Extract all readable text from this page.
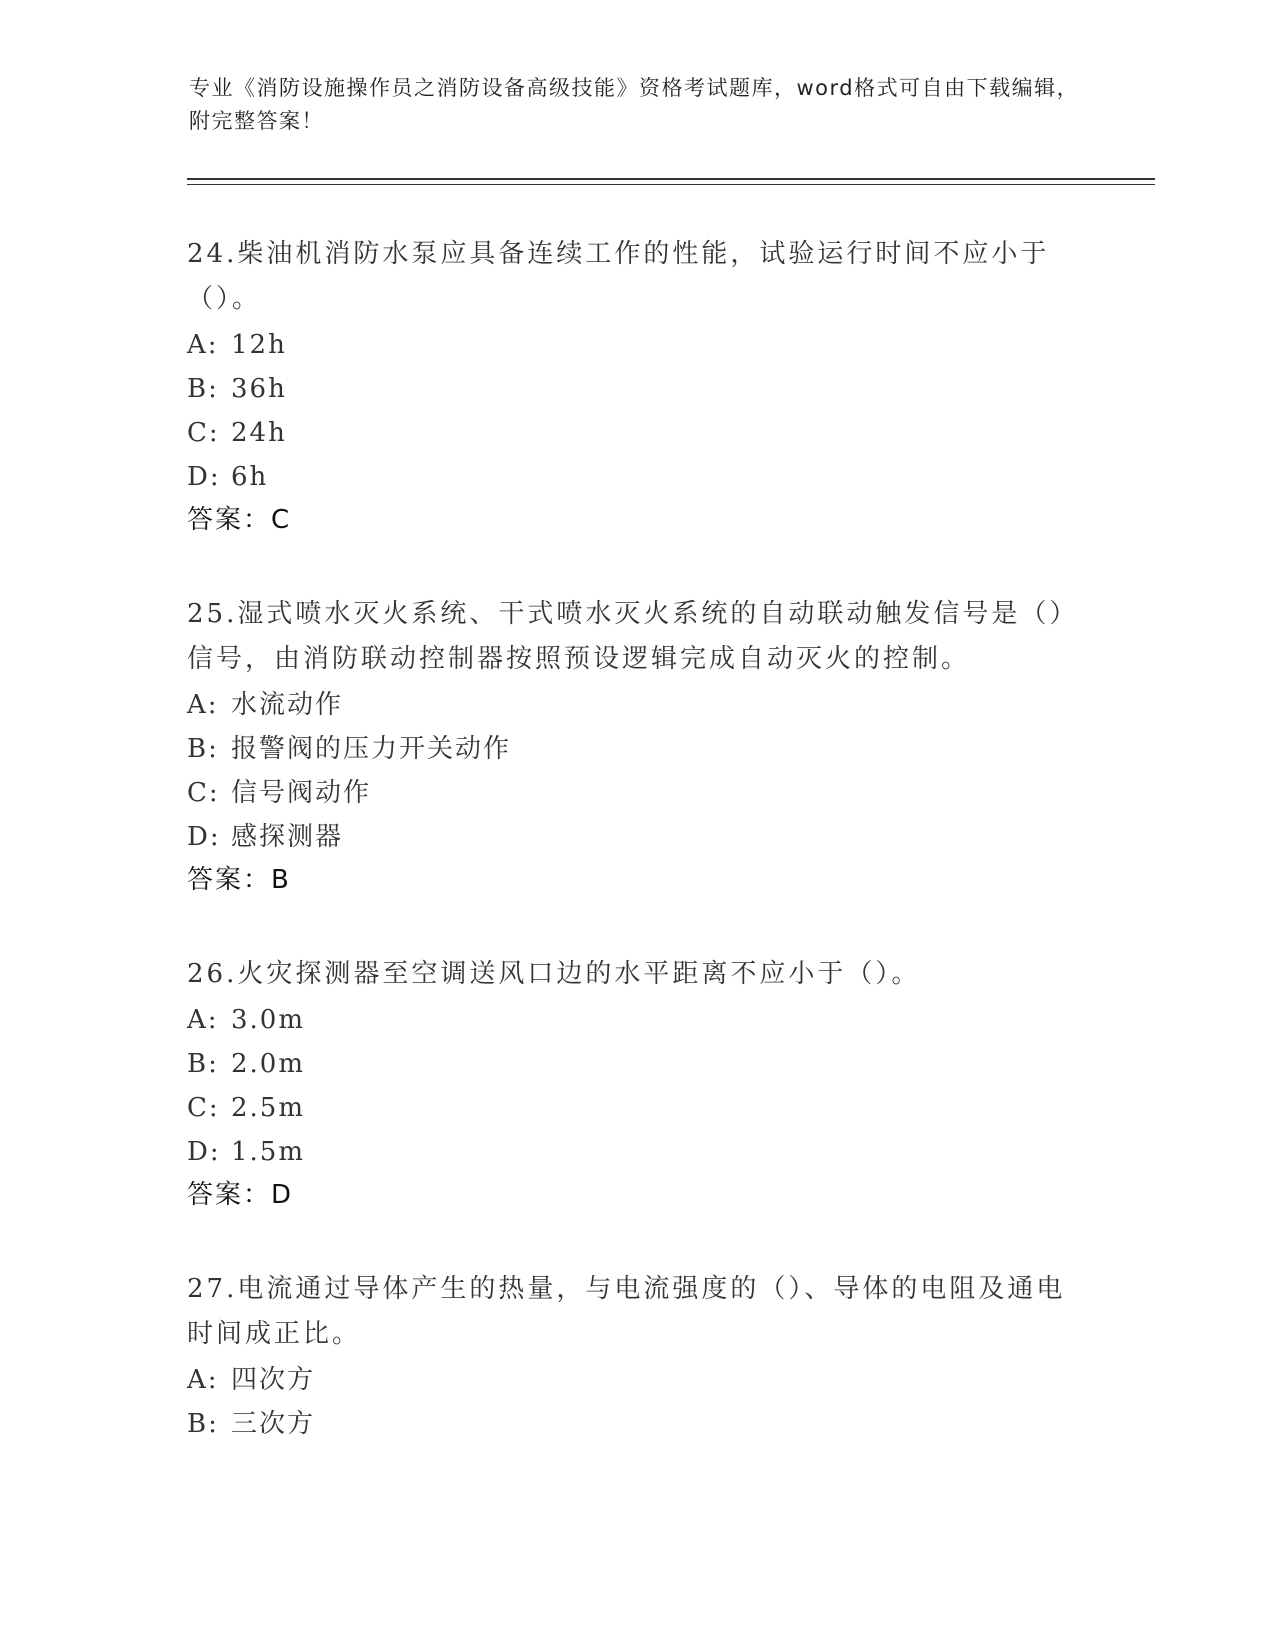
专业《消防设施操作员之消防设备高级技能》资格考试题库，word格式可自由下载编辑，附完整答案！
24.柴油机消防水泵应具备连续工作的性能，试验运行时间不应小于（）。
A: 12h
B: 36h
C: 24h
D: 6h
答案：C
25.湿式喷水灭火系统、干式喷水灭火系统的自动联动触发信号是（）信号，由消防联动控制器按照预设逻辑完成自动灭火的控制。
A: 水流动作
B: 报警阀的压力开关动作
C: 信号阀动作
D: 感探测器
答案：B
26.火灾探测器至空调送风口边的水平距离不应小于（）。
A: 3.0m
B: 2.0m
C: 2.5m
D: 1.5m
答案：D
27.电流通过导体产生的热量，与电流强度的（）、导体的电阻及通电时间成正比。
A: 四次方
B: 三次方
